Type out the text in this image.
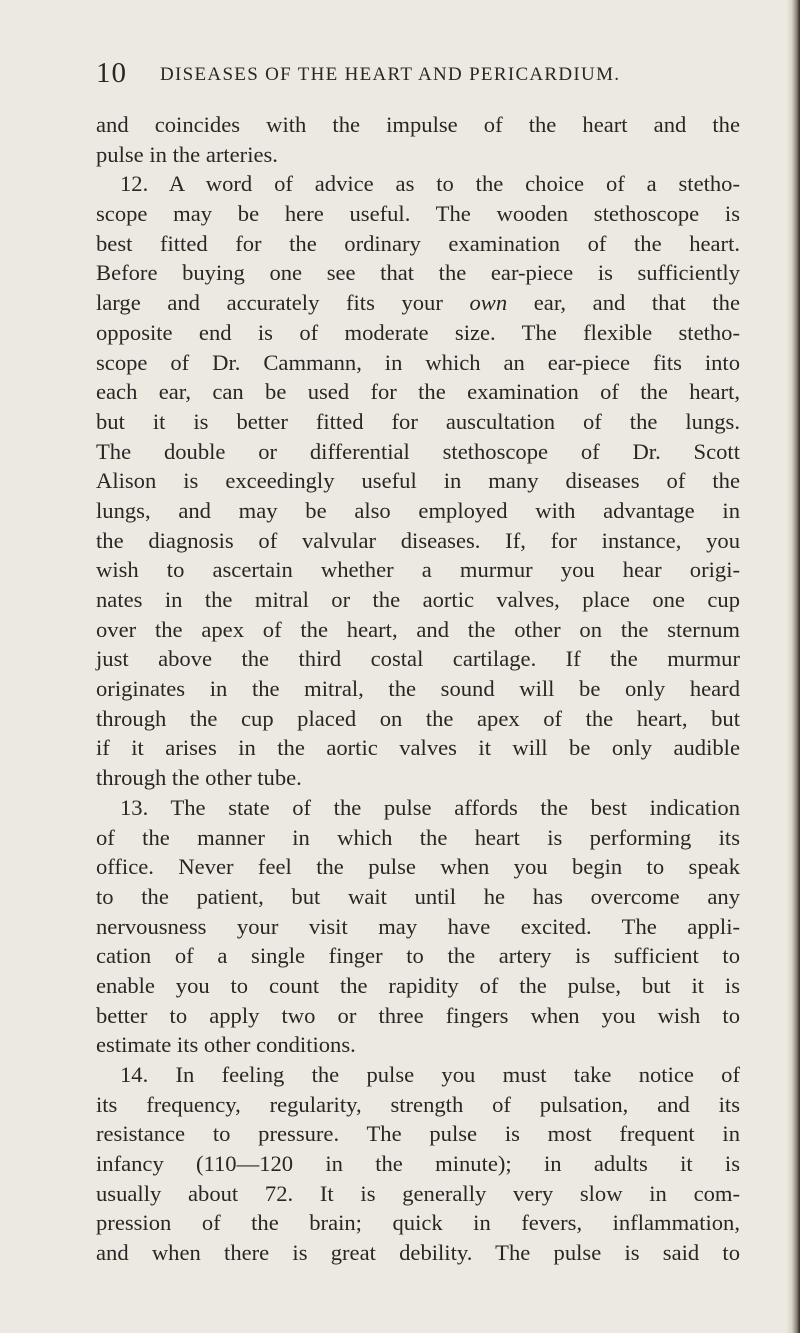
10 DISEASES OF THE HEART AND PERICARDIUM.
and coincides with the impulse of the heart and the
pulse in the arteries.
12. A word of advice as to the choice of a stetho-
scope may be here useful. The wooden stethoscope is
best fitted for the ordinary examination of the heart.
Before buying one see that the ear-piece is sufficiently
large and accurately fits your own ear, and that the
opposite end is of moderate size. The flexible stetho-
scope of Dr. Cammann, in which an ear-piece fits into
each ear, can be used for the examination of the heart,
but it is better fitted for auscultation of the lungs.
The double or differential stethoscope of Dr. Scott
Alison is exceedingly useful in many diseases of the
lungs, and may be also employed with advantage in
the diagnosis of valvular diseases. If, for instance, you
wish to ascertain whether a murmur you hear origi-
nates in the mitral or the aortic valves, place one cup
over the apex of the heart, and the other on the sternum
just above the third costal cartilage. If the murmur
originates in the mitral, the sound will be only heard
through the cup placed on the apex of the heart, but
if it arises in the aortic valves it will be only audible
through the other tube.
13. The state of the pulse affords the best indication
of the manner in which the heart is performing its
office. Never feel the pulse when you begin to speak
to the patient, but wait until he has overcome any
nervousness your visit may have excited. The appli-
cation of a single finger to the artery is sufficient to
enable you to count the rapidity of the pulse, but it is
better to apply two or three fingers when you wish to
estimate its other conditions.
14. In feeling the pulse you must take notice of
its frequency, regularity, strength of pulsation, and its
resistance to pressure. The pulse is most frequent in
infancy (110—120 in the minute); in adults it is
usually about 72. It is generally very slow in com-
pression of the brain; quick in fevers, inflammation,
and when there is great debility. The pulse is said to
